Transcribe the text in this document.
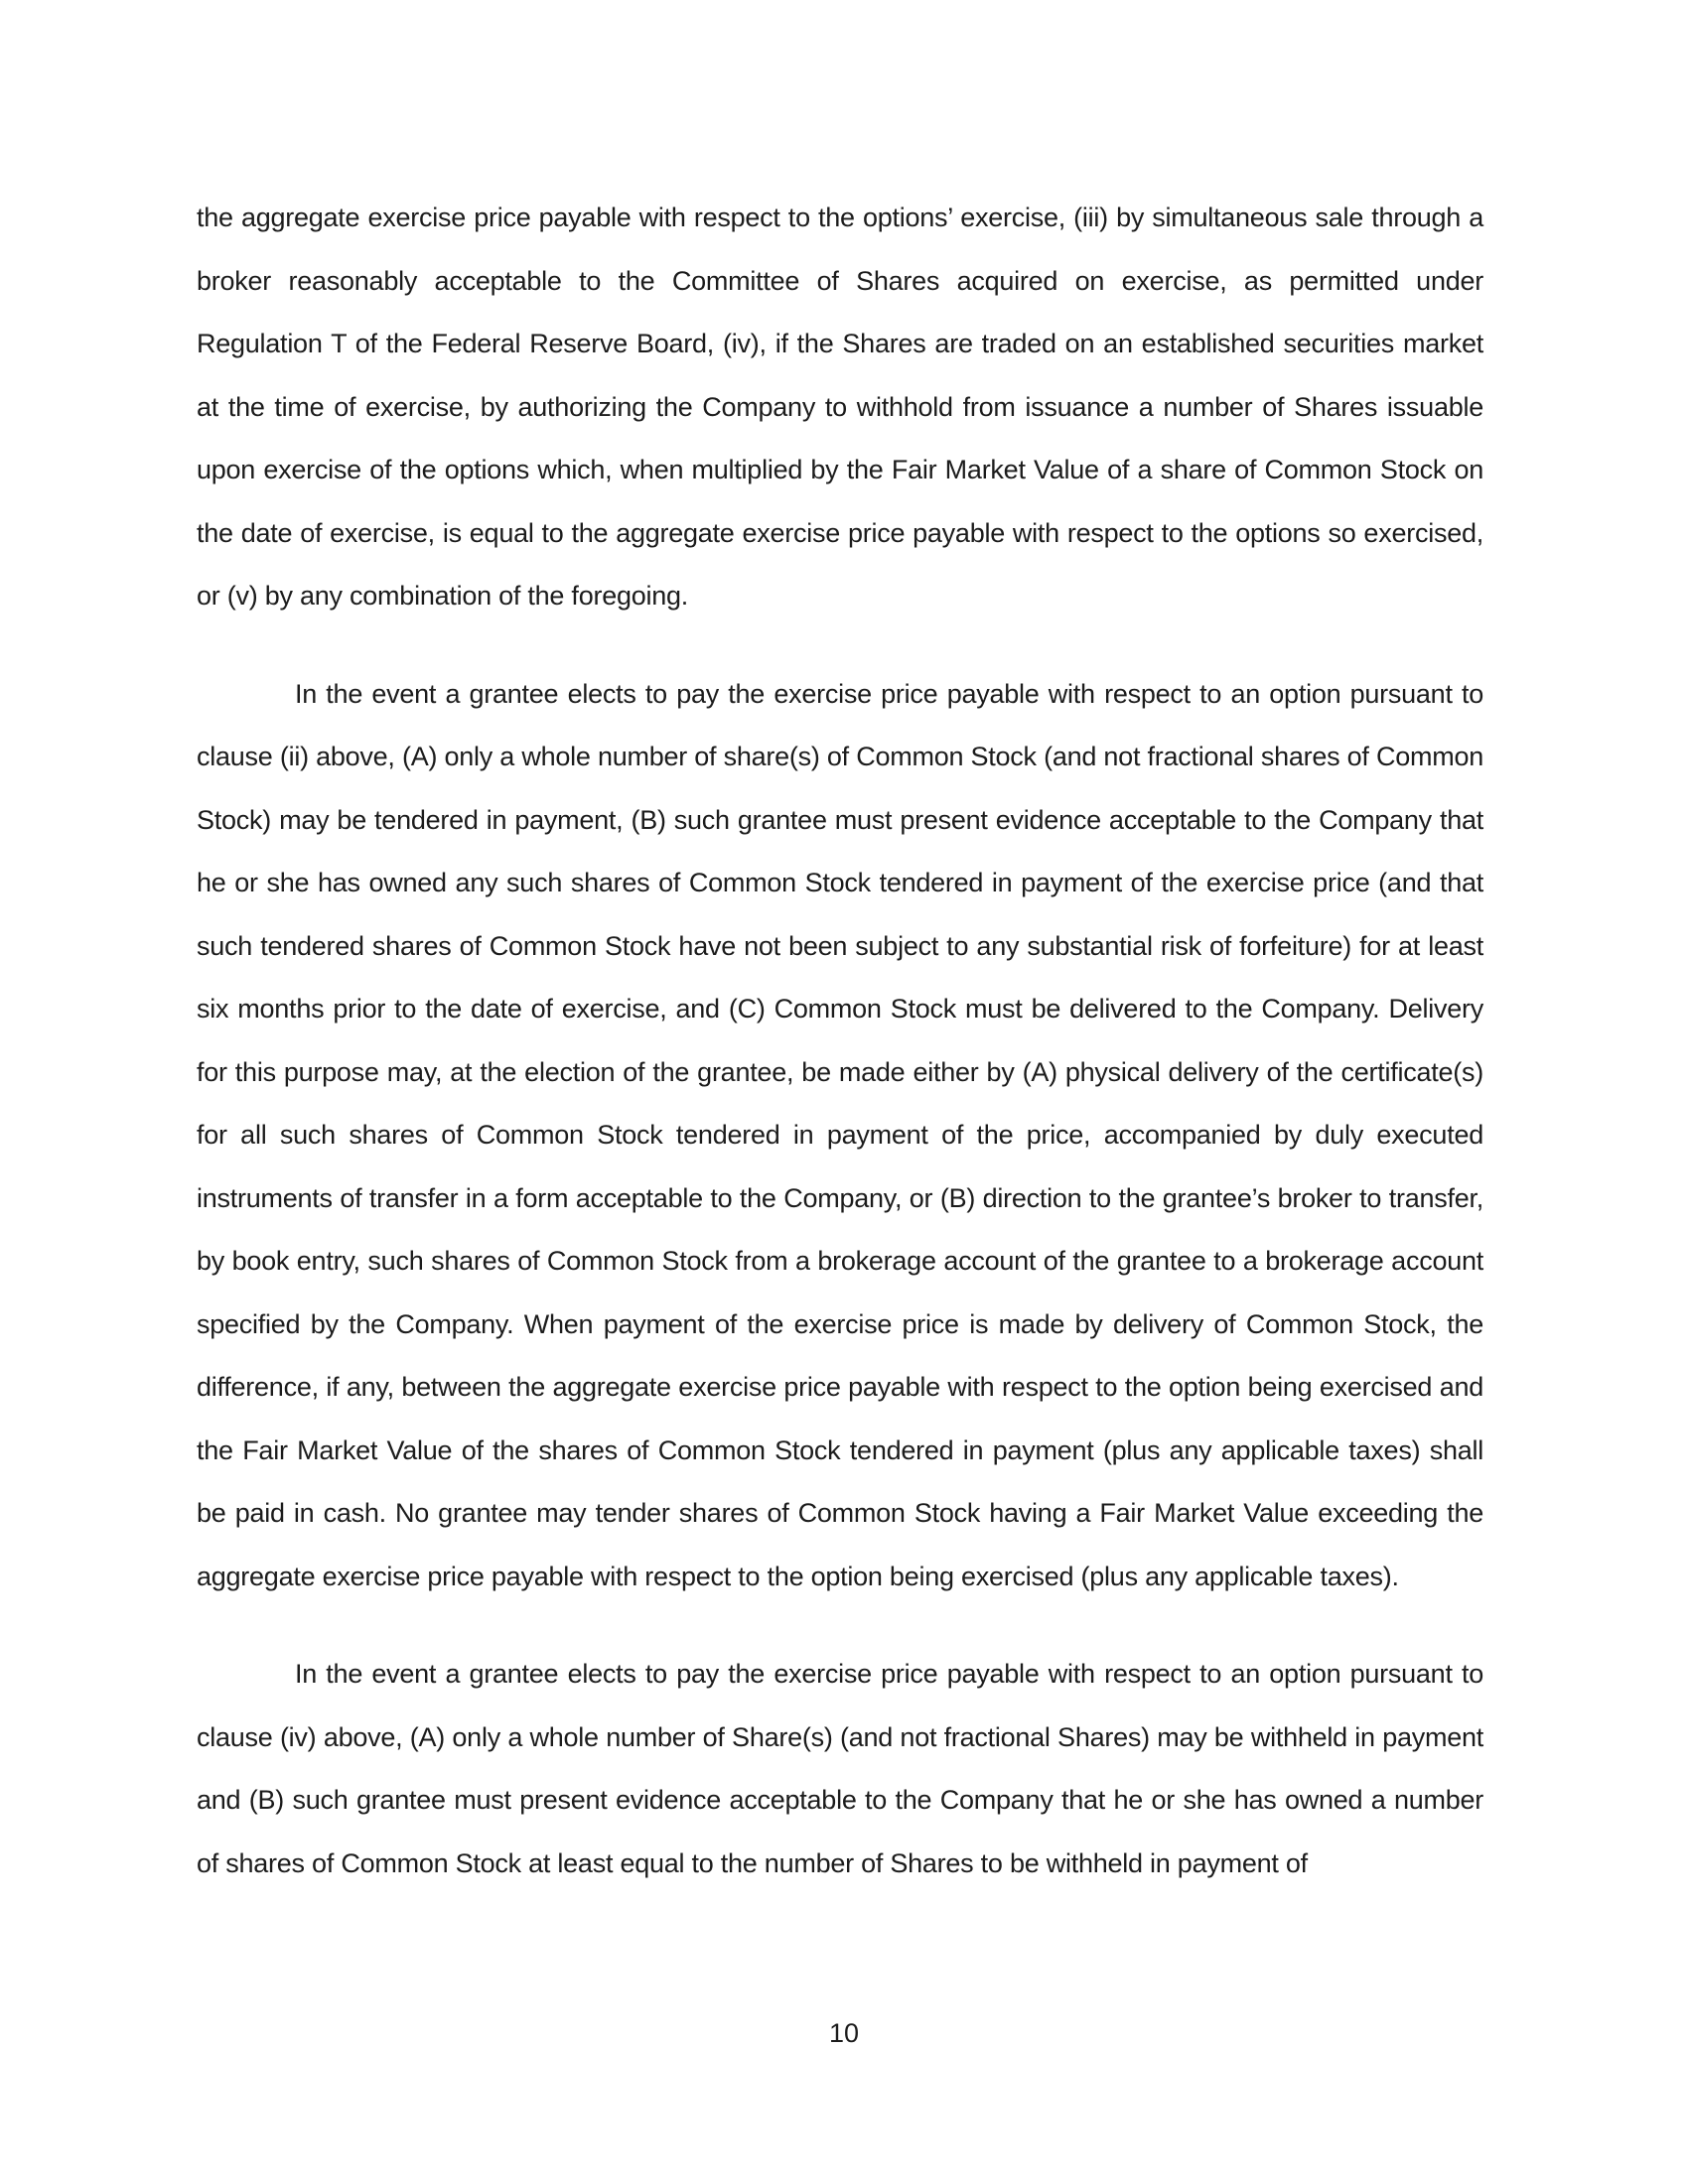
the aggregate exercise price payable with respect to the options’ exercise, (iii) by simultaneous sale through a broker reasonably acceptable to the Committee of Shares acquired on exercise, as permitted under Regulation T of the Federal Reserve Board, (iv), if the Shares are traded on an established securities market at the time of exercise, by authorizing the Company to withhold from issuance a number of Shares issuable upon exercise of the options which, when multiplied by the Fair Market Value of a share of Common Stock on the date of exercise, is equal to the aggregate exercise price payable with respect to the options so exercised, or (v) by any combination of the foregoing.

In the event a grantee elects to pay the exercise price payable with respect to an option pursuant to clause (ii) above, (A) only a whole number of share(s) of Common Stock (and not fractional shares of Common Stock) may be tendered in payment, (B) such grantee must present evidence acceptable to the Company that he or she has owned any such shares of Common Stock tendered in payment of the exercise price (and that such tendered shares of Common Stock have not been subject to any substantial risk of forfeiture) for at least six months prior to the date of exercise, and (C) Common Stock must be delivered to the Company. Delivery for this purpose may, at the election of the grantee, be made either by (A) physical delivery of the certificate(s) for all such shares of Common Stock tendered in payment of the price, accompanied by duly executed instruments of transfer in a form acceptable to the Company, or (B) direction to the grantee’s broker to transfer, by book entry, such shares of Common Stock from a brokerage account of the grantee to a brokerage account specified by the Company. When payment of the exercise price is made by delivery of Common Stock, the difference, if any, between the aggregate exercise price payable with respect to the option being exercised and the Fair Market Value of the shares of Common Stock tendered in payment (plus any applicable taxes) shall be paid in cash. No grantee may tender shares of Common Stock having a Fair Market Value exceeding the aggregate exercise price payable with respect to the option being exercised (plus any applicable taxes).

In the event a grantee elects to pay the exercise price payable with respect to an option pursuant to clause (iv) above, (A) only a whole number of Share(s) (and not fractional Shares) may be withheld in payment and (B) such grantee must present evidence acceptable to the Company that he or she has owned a number of shares of Common Stock at least equal to the number of Shares to be withheld in payment of

10
